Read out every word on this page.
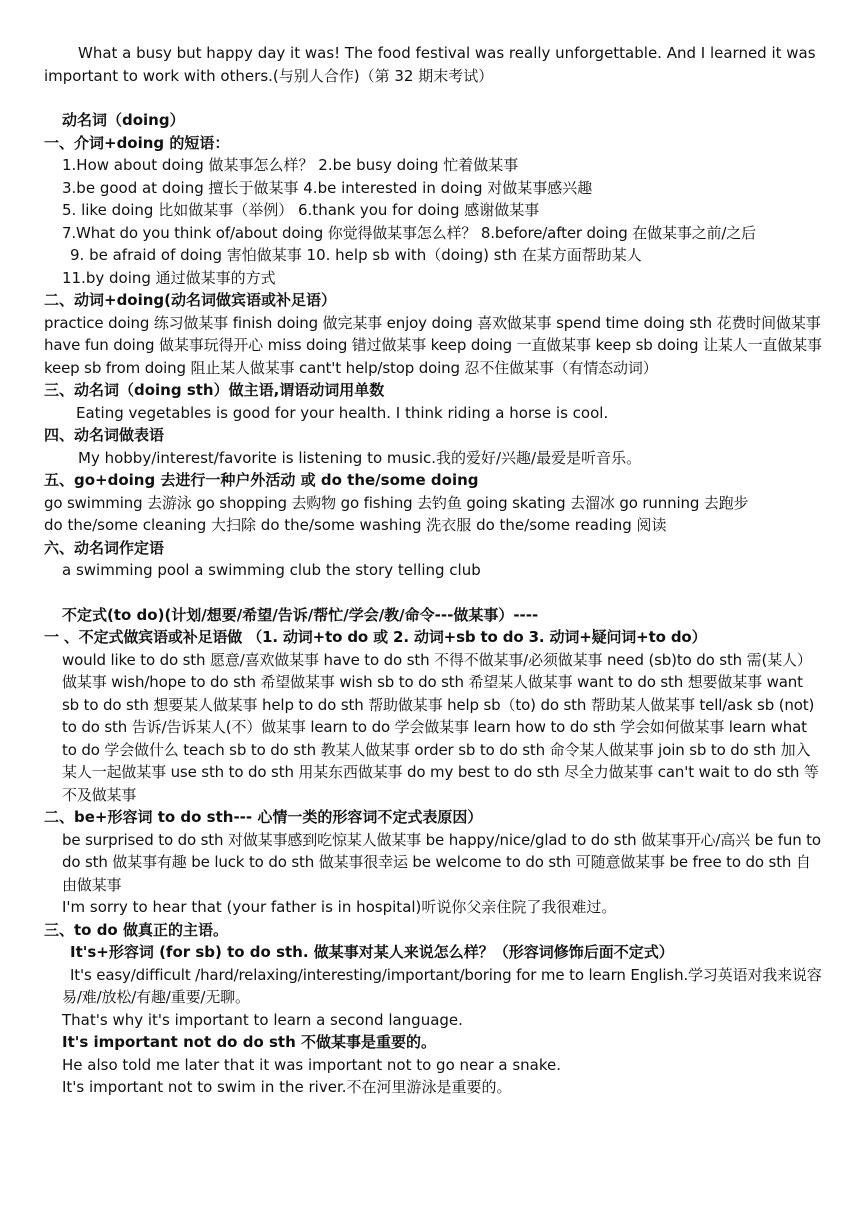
What a busy but happy day it was! The food festival was really unforgettable. And I learned it was
important to work with others.(与别人合作)（第 32 期末考试）
动名词（doing）
一、介词+doing 的短语：
1.How about doing 做某事怎么样？ 2.be busy doing 忙着做某事
3.be good at doing 擅长于做某事 4.be interested in doing 对做某事感兴趣
5. like doing 比如做某事（举例） 6.thank you for doing 感谢做某事
7.What do you think of/about doing 你觉得做某事怎么样？ 8.before/after doing 在做某事之前/之后
9. be afraid of doing 害怕做某事 10. help sb with（doing) sth 在某方面帮助某人
11.by doing 通过做某事的方式
二、动词+doing(动名词做宾语或补足语）
practice doing 练习做某事 finish doing 做完某事 enjoy doing 喜欢做某事 spend time doing sth 花费时间做某事
have fun doing 做某事玩得开心 miss doing 错过做某事 keep doing 一直做某事 keep sb doing 让某人一直做某事 keep sb from doing 阻止某人做某事 cant't help/stop doing 忍不住做某事（有情态动词）
三、动名词（doing sth）做主语,谓语动词用单数
Eating vegetables is good for your health. I think riding a horse is cool.
四、动名词做表语
My hobby/interest/favorite is listening to music.我的爱好/兴趣/最爱是听音乐。
五、go+doing 去进行一种户外活动 或 do the/some doing
go swimming 去游泳 go shopping 去购物 go fishing 去钓鱼 going skating 去溜冰 go running 去跑步
do the/some cleaning 大扫除 do the/some washing 洗衣服 do the/some reading 阅读
六、动名词作定语
a swimming pool a swimming club the story telling club
不定式(to do)(计划/想要/希望/告诉/帮忙/学会/教/命令---做某事）----
一 、不定式做宾语或补足语做 （1. 动词+to do 或 2. 动词+sb to do 3. 动词+疑问词+to do）
would like to do sth 愿意/喜欢做某事 have to do sth 不得不做某事/必须做某事 need (sb)to do sth 需(某人）做某事 wish/hope to do sth 希望做某事 wish sb to do sth 希望某人做某事 want to do sth 想要做某事 want sb to do sth 想要某人做某事 help to do sth 帮助做某事 help sb（to) do sth 帮助某人做某事 tell/ask sb (not) to do sth 告诉/告诉某人(不）做某事 learn to do 学会做某事 learn how to do sth 学会如何做某事 learn what to do 学会做什么 teach sb to do sth 教某人做某事 order sb to do sth 命令某人做某事 join sb to do sth 加入某人一起做某事 use sth to do sth 用某东西做某事 do my best to do sth 尽全力做某事 can't wait to do sth 等不及做某事
二、be+形容词 to do sth--- 心情一类的形容词不定式表原因）
be surprised to do sth 对做某事感到吃惊某人做某事 be happy/nice/glad to do sth 做某事开心/高兴 be fun to do sth 做某事有趣 be luck to do sth 做某事很幸运 be welcome to do sth 可随意做某事 be free to do sth 自由做某事
I'm sorry to hear that (your father is in hospital)听说你父亲住院了我很难过。
三、to do 做真正的主语。
It's+形容词 (for sb) to do sth. 做某事对某人来说怎么样？（形容词修饰后面不定式）
It's easy/difficult /hard/relaxing/interesting/important/boring for me to learn English.学习英语对我来说容易/难/放松/有趣/重要/无聊。
That's why it's important to learn a second language.
It's important not do do sth 不做某事是重要的。
He also told me later that it was important not to go near a snake.
It's important not to swim in the river.不在河里游泳是重要的。
